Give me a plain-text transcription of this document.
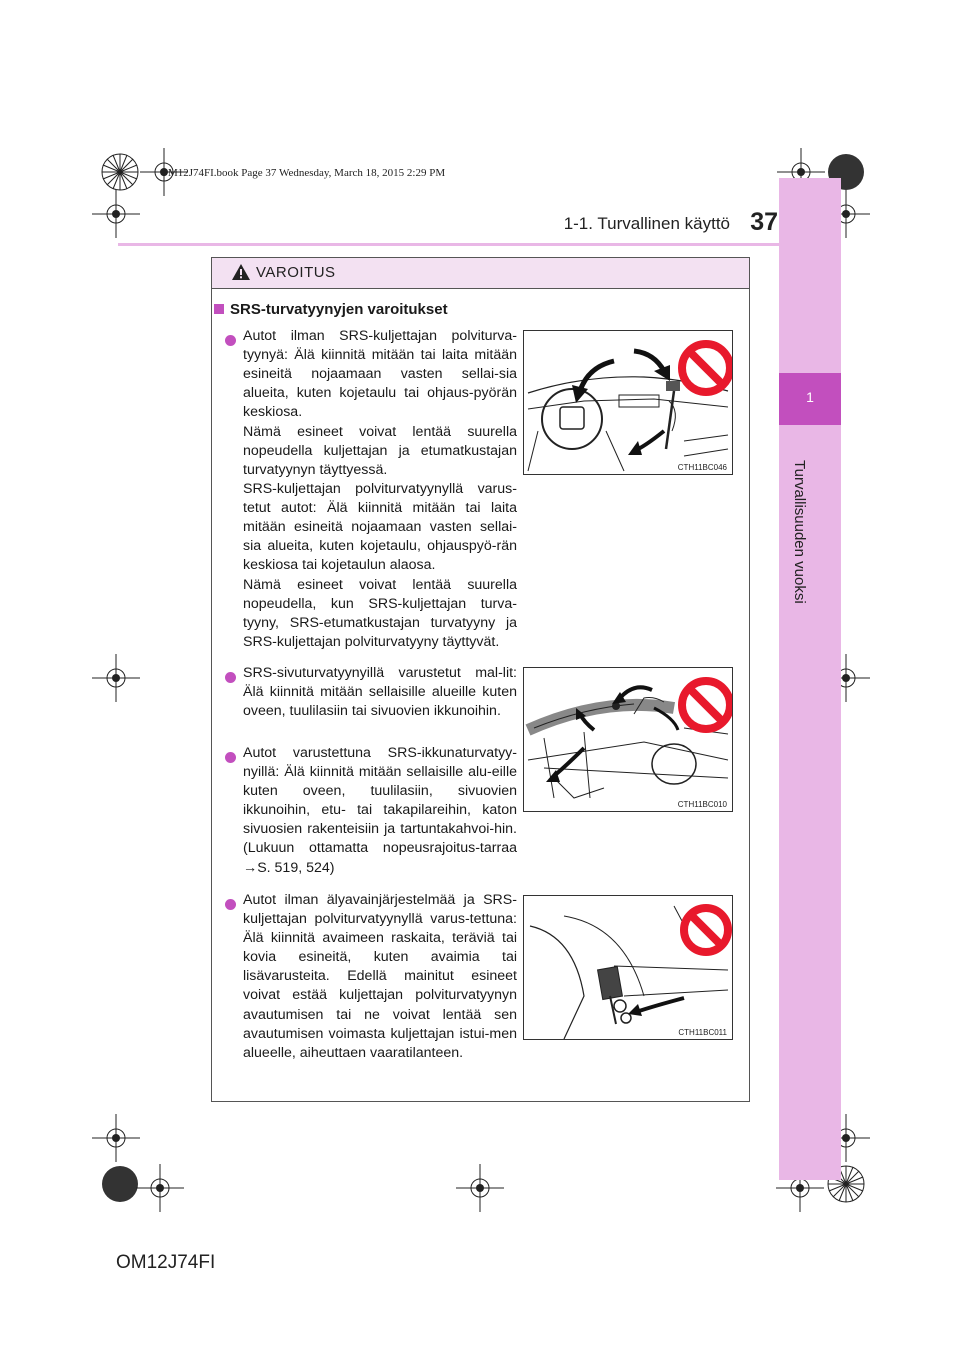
1
Turvallisuuden vuoksi
OM12J74FI.book Page 37 Wednesday, March 18, 2015 2:29 PM
1-1. Turvallinen käyttö 37
VAROITUS
SRS-turvatyynyjen varoitukset
Autot ilman SRS-kuljettajan polviturva-tyynyä: Älä kiinnitä mitään tai laita mitään esineitä nojaamaan vasten sellai-sia alueita, kuten kojetaulu tai ohjaus-pyörän keskiosa.
Nämä esineet voivat lentää suurella nopeudella kuljettajan ja etumatkustajan turvatyynyn täyttyessä.
SRS-kuljettajan polviturvatyynyllä varus-tetut autot: Älä kiinnitä mitään tai laita mitään esineitä nojaamaan vasten sellai-sia alueita, kuten kojetaulu, ohjauspyö-rän keskiosa tai kojetaulun alaosa.
Nämä esineet voivat lentää suurella nopeudella, kun SRS-kuljettajan turva-tyyny, SRS-etumatkustajan turvatyyny ja SRS-kuljettajan polviturvatyyny täyttyvät.
SRS-sivuturvatyynyillä varustetut mal-lit: Älä kiinnitä mitään sellaisille alueille kuten oveen, tuulilasiin tai sivuovien ikkunoihin.
Autot varustettuna SRS-ikkunaturvatyy-nyillä: Älä kiinnitä mitään sellaisille alu-eille kuten oveen, tuulilasiin, sivuovien ikkunoihin, etu- tai takapilareihin, katon sivuosien rakenteisiin ja tartuntakahvoi-hin. (Lukuun ottamatta nopeusrajoitus-tarraa →S. 519, 524)
Autot ilman älyavainjärjestelmää ja SRS-kuljettajan polviturvatyynyllä varus-tettuna: Älä kiinnitä avaimeen raskaita, teräviä tai kovia esineitä, kuten avaimia tai lisävarusteita. Edellä mainitut esineet voivat estää kuljettajan polviturvatyynyn avautumisen tai ne voivat lentää sen avautumisen voimasta kuljettajan istui-men alueelle, aiheuttaen vaaratilanteen.
CTH11BC046
CTH11BC010
CTH11BC011
OM12J74FI
